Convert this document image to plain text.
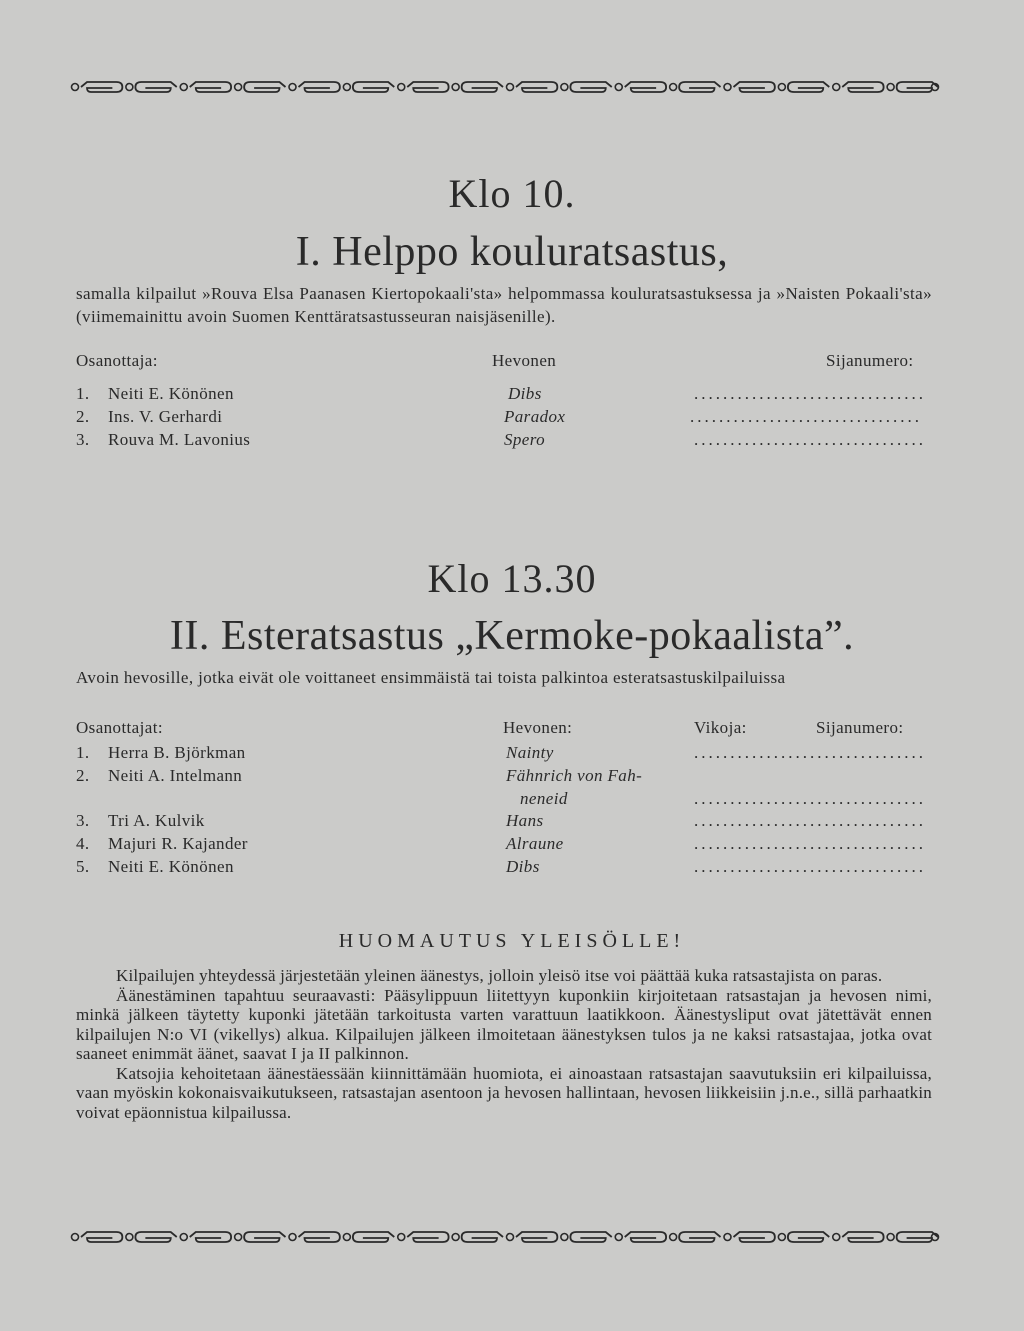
Klo 10.
I. Helppo kouluratsastus,
samalla kilpailut »Rouva Elsa Paanasen Kiertopokaali'sta» helpommassa kouluratsastuksessa ja »Naisten Pokaali'sta» (viimemainittu avoin Suomen Kenttäratsastusseuran naisjäsenille).
Osanottaja:	Hevonen	Sijanumero:
1. Neiti E. Könönen	Dibs	................................
2. Ins. V. Gerhardi	Paradox	................................
3. Rouva M. Lavonius	Spero	................................
Klo 13.30
II. Esteratsastus „Kermoke-pokaalista”.
Avoin hevosille, jotka eivät ole voittaneet ensimmäistä tai toista palkintoa esteratsastuskilpailuissa
Osanottajat:	Hevonen:	Vikoja:	Sijanumero:
1. Herra B. Björkman	Nainty	................................
2. Neiti A. Intelmann	Fähnrich von Fah-
neneid	................................
3. Tri A. Kulvik	Hans	................................
4. Majuri R. Kajander	Alraune	................................
5. Neiti E. Könönen	Dibs	................................
HUOMAUTUS YLEISÖLLE!

Kilpailujen yhteydessä järjestetään yleinen äänestys, jolloin yleisö itse voi päättää kuka ratsastajista on paras.

Äänestäminen tapahtuu seuraavasti: Pääsylippuun liitettyyn kuponkiin kirjoitetaan ratsastajan ja hevosen nimi, minkä jälkeen täytetty kuponki jätetään tarkoitusta varten varattuun laatikkoon. Äänestysliput ovat jätettävät ennen kilpailujen N:o VI (vikellys) alkua. Kilpailujen jälkeen ilmoitetaan äänestyksen tulos ja ne kaksi ratsastajaa, jotka ovat saaneet enimmät äänet, saavat I ja II palkinnon.

Katsojia kehoitetaan äänestäessään kiinnittämään huomiota, ei ainoastaan ratsastajan saavutuksiin eri kilpailuissa, vaan myöskin kokonaisvaikutukseen, ratsastajan asentoon ja hevosen hallintaan, hevosen liikkeisiin j.n.e., sillä parhaatkin voivat epäonnistua kilpailussa.
